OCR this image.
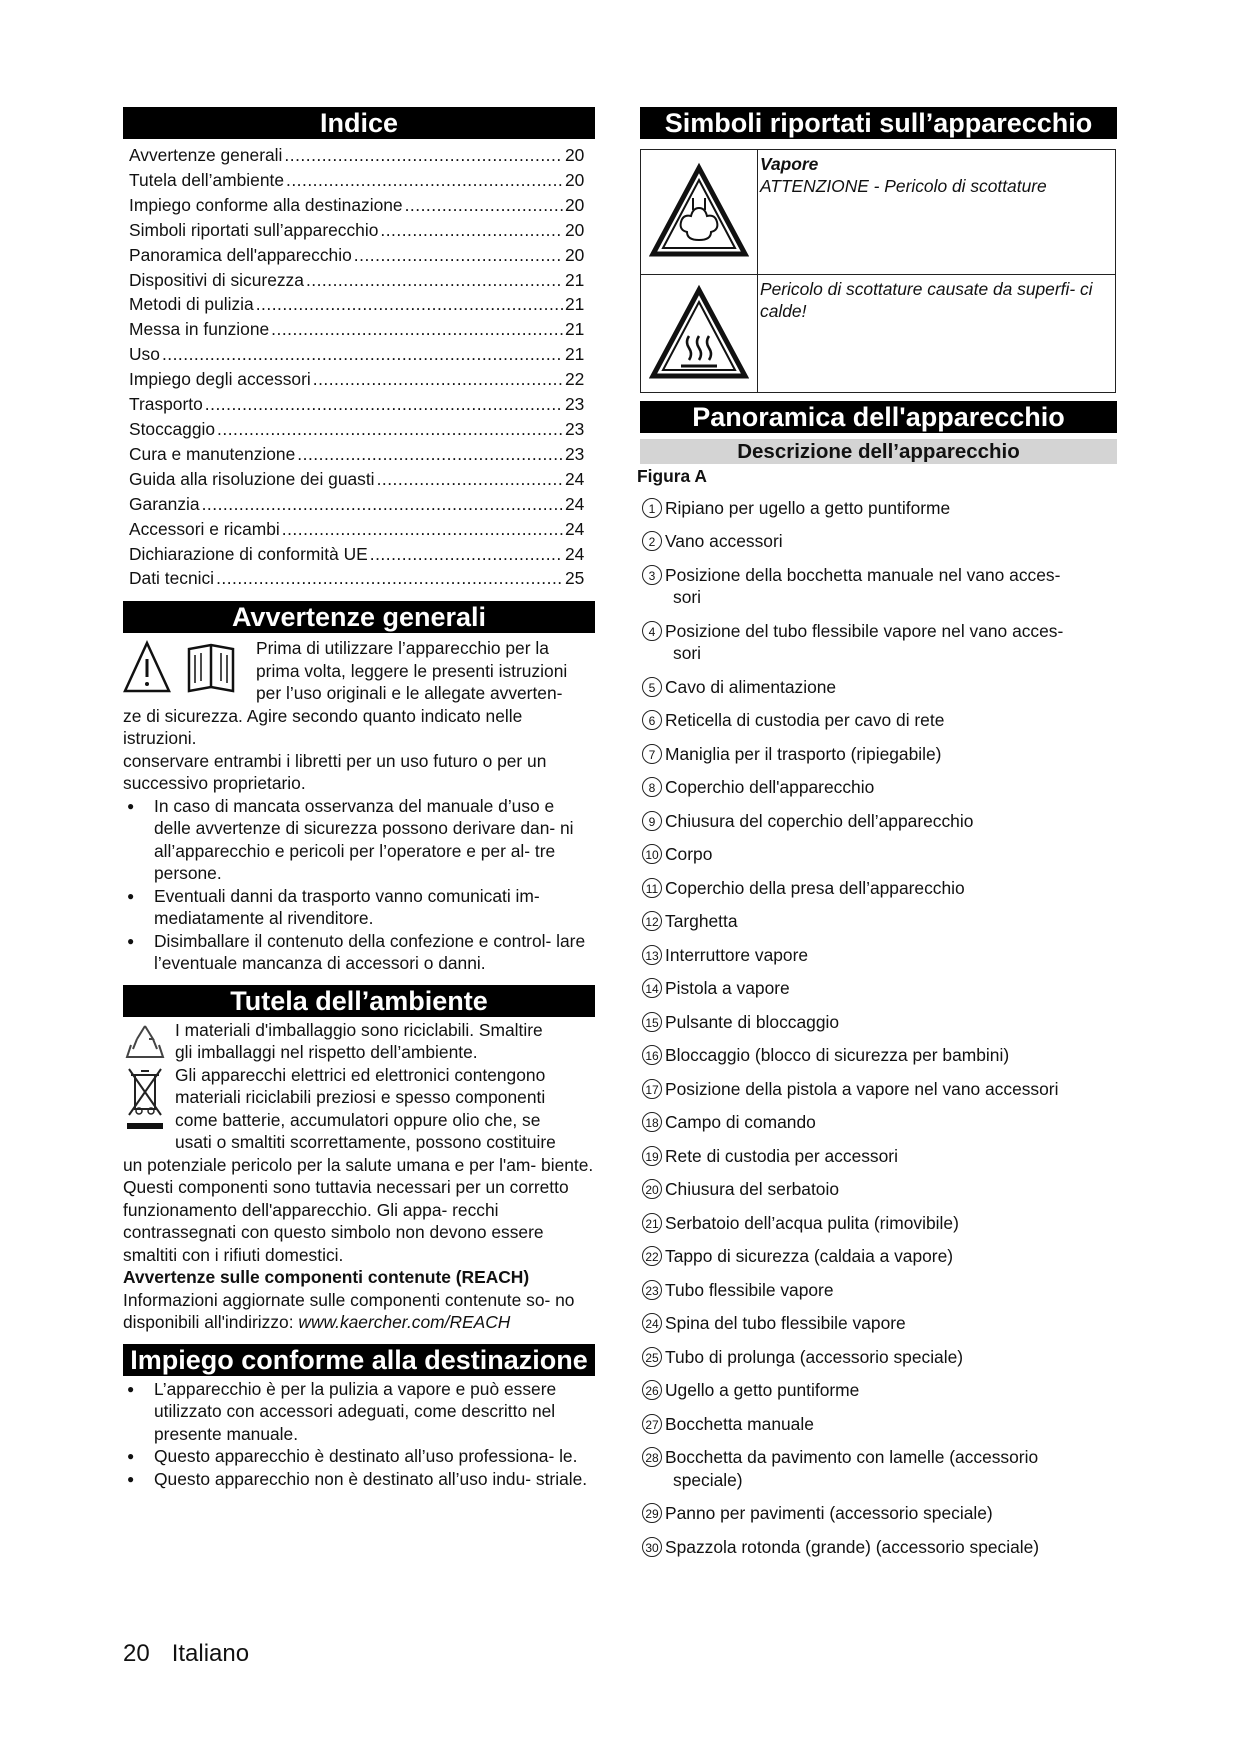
Indice
Avvertenze generali .....	20
Tutela dell’ambiente .....	20
Impiego conforme alla destinazione .....	20
Simboli riportati sull’apparecchio .....	20
Panoramica dell'apparecchio .....	20
Dispositivi di sicurezza .....	21
Metodi di pulizia .....	21
Messa in funzione .....	21
Uso .....	21
Impiego degli accessori .....	22
Trasporto .....	23
Stoccaggio .....	23
Cura e manutenzione .....	23
Guida alla risoluzione dei guasti .....	24
Garanzia .....	24
Accessori e ricambi .....	24
Dichiarazione di conformità UE .....	24
Dati tecnici .....	25
Avvertenze generali
Prima di utilizzare l’apparecchio per la
prima volta, leggere le presenti istruzioni
per l’uso originali e le allegate avverten-
ze di sicurezza. Agire secondo quanto indicato nelle istruzioni.
conservare entrambi i libretti per un uso futuro o per un successivo proprietario.
● In caso di mancata osservanza del manuale d’uso e delle avvertenze di sicurezza possono derivare dan- ni all’apparecchio e pericoli per l’operatore e per al- tre persone.
● Eventuali danni da trasporto vanno comunicati im- mediatamente al rivenditore.
● Disimballare il contenuto della confezione e control- lare l’eventuale mancanza di accessori o danni.
Tutela dell’ambiente
I materiali d'imballaggio sono riciclabili. Smaltire
gli imballaggi nel rispetto dell’ambiente.
Gli apparecchi elettrici ed elettronici contengono
materiali riciclabili preziosi e spesso componenti
come batterie, accumulatori oppure olio che, se
usati o smaltiti scorrettamente, possono costituire
un potenziale pericolo per la salute umana e per l'am- biente. Questi componenti sono tuttavia necessari per un corretto funzionamento dell'apparecchio. Gli appa- recchi contrassegnati con questo simbolo non devono essere smaltiti con i rifiuti domestici.
Avvertenze sulle componenti contenute (REACH)
Informazioni aggiornate sulle componenti contenute so- no disponibili all'indirizzo: www.kaercher.com/REACH
Impiego conforme alla destinazione
● L’apparecchio è per la pulizia a vapore e può essere utilizzato con accessori adeguati, come descritto nel presente manuale.
● Questo apparecchio è destinato all’uso professiona- le.
● Questo apparecchio non è destinato all’uso indu- striale.
Simboli riportati sull’apparecchio
Vapore
ATTENZIONE - Pericolo di scottature
Pericolo di scottature causate da superfi- ci calde!
Panoramica dell'apparecchio
Descrizione dell’apparecchio
Figura A
1 Ripiano per ugello a getto puntiforme
2 Vano accessori
3 Posizione della bocchetta manuale nel vano acces-
sori
4 Posizione del tubo flessibile vapore nel vano acces-
sori
5 Cavo di alimentazione
6 Reticella di custodia per cavo di rete
7 Maniglia per il trasporto (ripiegabile)
8 Coperchio dell'apparecchio
9 Chiusura del coperchio dell’apparecchio
10 Corpo
11 Coperchio della presa dell’apparecchio
12 Targhetta
13 Interruttore vapore
14 Pistola a vapore
15 Pulsante di bloccaggio
16 Bloccaggio (blocco di sicurezza per bambini)
17 Posizione della pistola a vapore nel vano accessori
18 Campo di comando
19 Rete di custodia per accessori
20 Chiusura del serbatoio
21 Serbatoio dell’acqua pulita (rimovibile)
22 Tappo di sicurezza (caldaia a vapore)
23 Tubo flessibile vapore
24 Spina del tubo flessibile vapore
25 Tubo di prolunga (accessorio speciale)
26 Ugello a getto puntiforme
27 Bocchetta manuale
28 Bocchetta da pavimento con lamelle (accessorio
speciale)
29 Panno per pavimenti (accessorio speciale)
30 Spazzola rotonda (grande) (accessorio speciale)
20 Italiano
